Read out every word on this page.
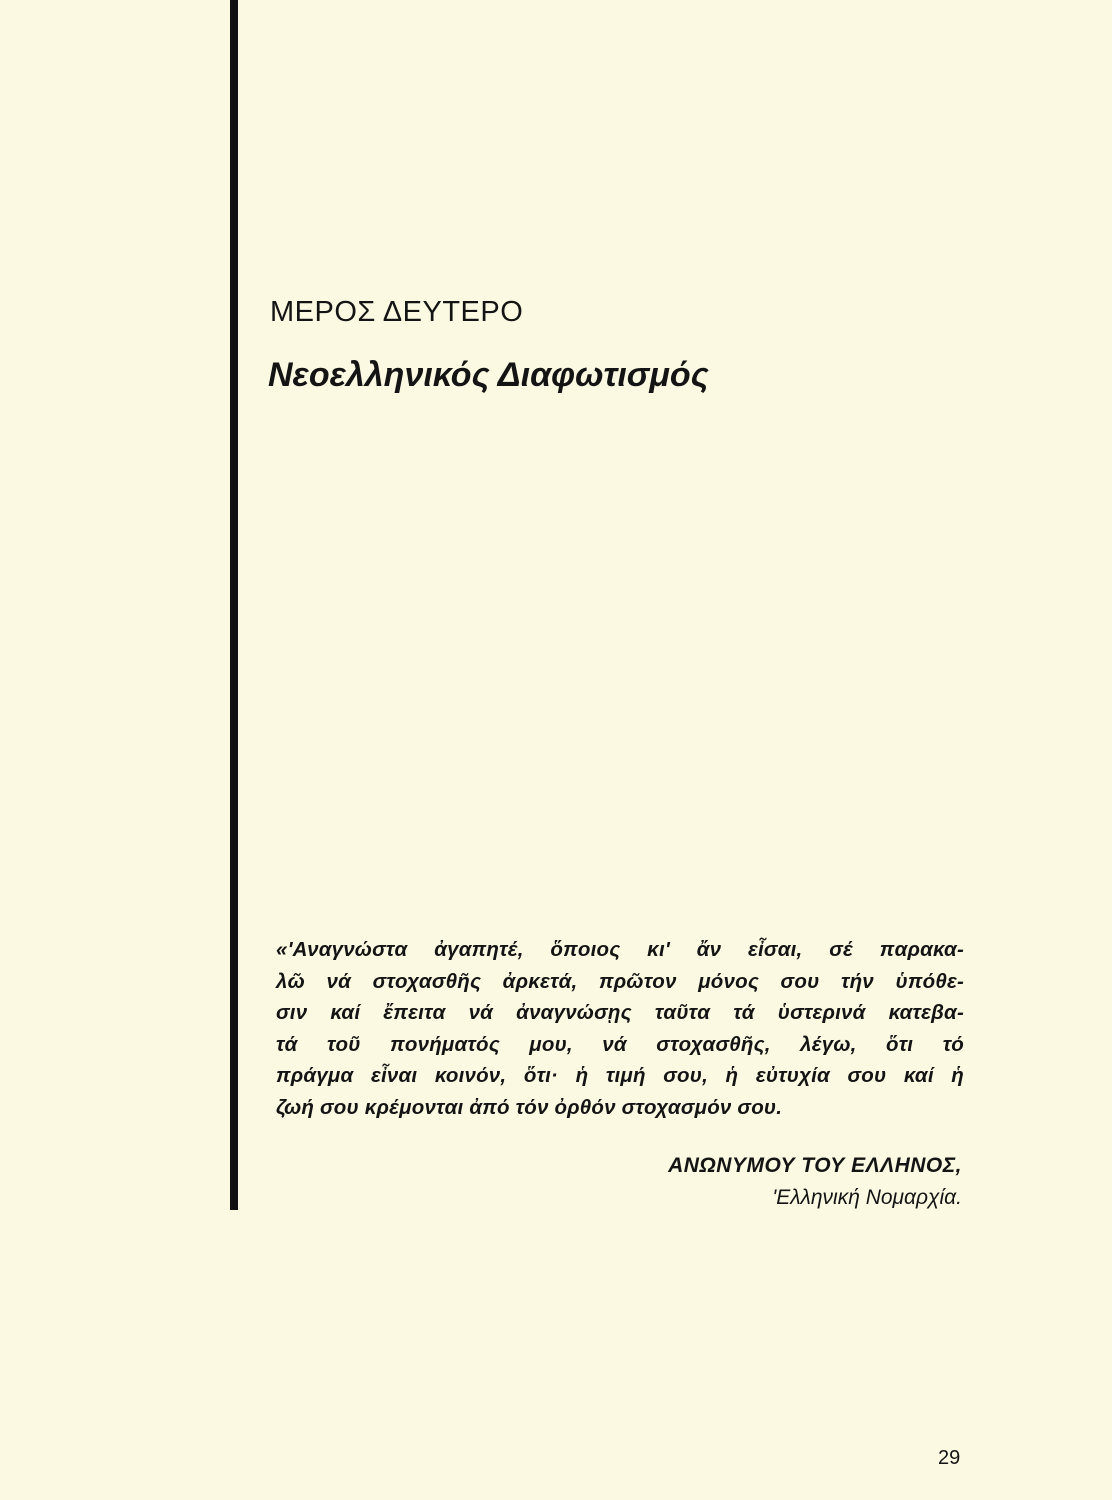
ΜΕΡΟΣ ΔΕΥΤΕΡΟ
Νεοελληνικός Διαφωτισμός
«'Αναγνώστα ἀγαπητέ, ὅποιος κι' ἄν εἶσαι, σέ παρακα-
λῶ νά στοχασθῆς ἀρκετά, πρῶτον μόνος σου τήν ὑπόθε-
σιν καί ἔπειτα νά ἀναγνώσῃς ταῦτα τά ὑστερινά κατεβα-
τά τοῦ πονήματός μου, νά στοχασθῆς, λέγω, ὅτι τό
πράγμα εἶναι κοινόν, ὅτι· ἡ τιμή σου, ἡ εὐτυχία σου καί ἡ
ζωή σου κρέμονται ἀπό τόν ὀρθόν στοχασμόν σου.
ΑΝΩΝΥΜΟΥ ΤΟΥ ΕΛΛΗΝΟΣ,
'Ελληνική Νομαρχία.
29
